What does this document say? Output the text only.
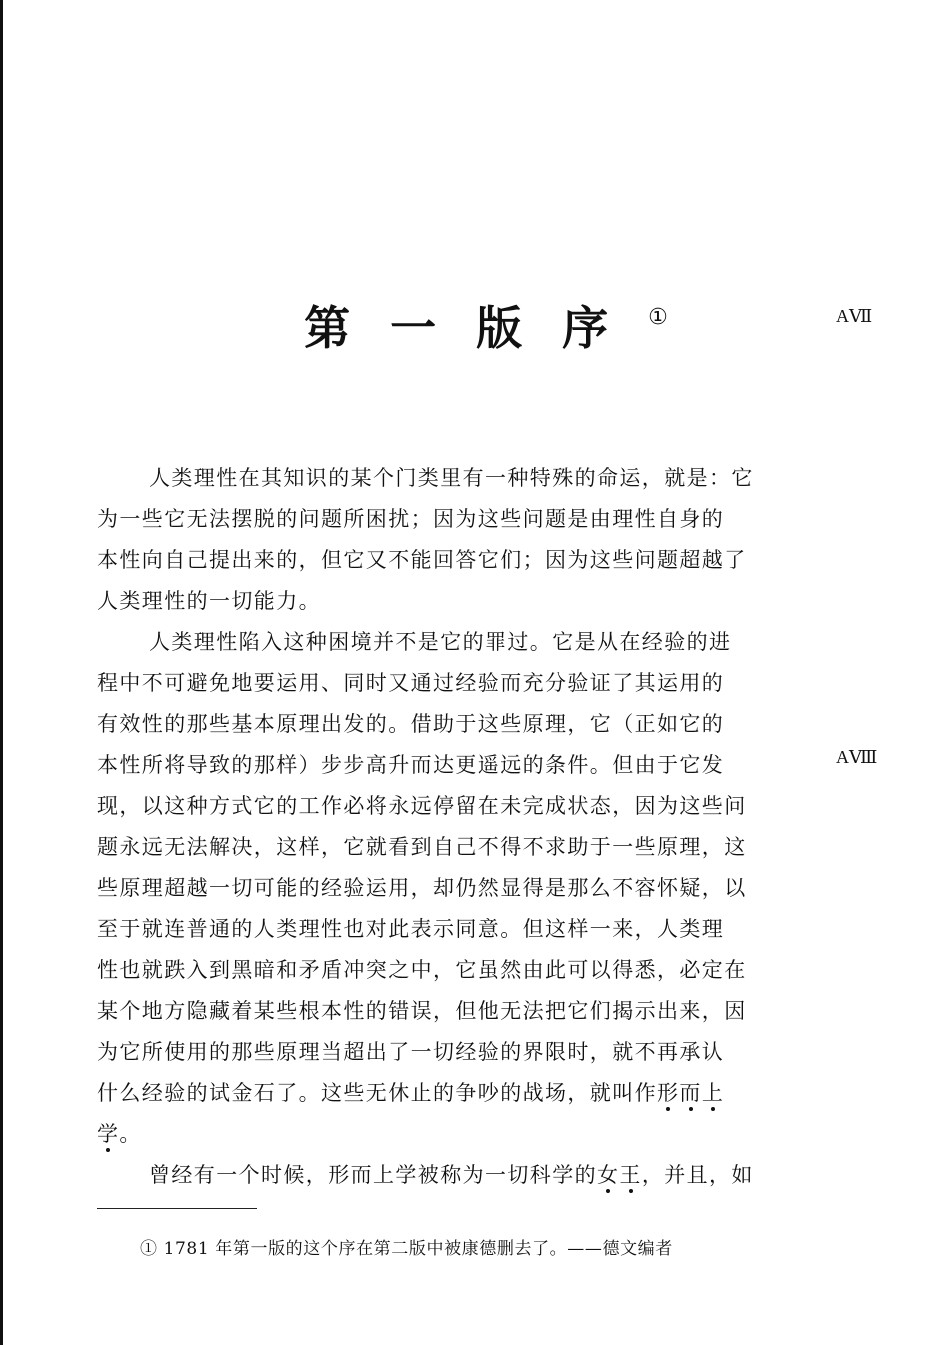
第一版序①	AⅦ
AⅧ
人类理性在其知识的某个门类里有一种特殊的命运，就是：它
为一些它无法摆脱的问题所困扰；因为这些问题是由理性自身的
本性向自己提出来的，但它又不能回答它们；因为这些问题超越了
人类理性的一切能力。
人类理性陷入这种困境并不是它的罪过。它是从在经验的进
程中不可避免地要运用、同时又通过经验而充分验证了其运用的
有效性的那些基本原理出发的。借助于这些原理，它（正如它的
本性所将导致的那样）步步高升而达更遥远的条件。但由于它发
现，以这种方式它的工作必将永远停留在未完成状态，因为这些问
题永远无法解决，这样，它就看到自己不得不求助于一些原理，这
些原理超越一切可能的经验运用，却仍然显得是那么不容怀疑，以
至于就连普通的人类理性也对此表示同意。但这样一来，人类理
性也就跌入到黑暗和矛盾冲突之中，它虽然由此可以得悉，必定在
某个地方隐藏着某些根本性的错误，但他无法把它们揭示出来，因
为它所使用的那些原理当超出了一切经验的界限时，就不再承认
什么经验的试金石了。这些无休止的争吵的战场，就叫作形而上
学。
曾经有一个时候，形而上学被称为一切科学的女王，并且，如
① 1781 年第一版的这个序在第二版中被康德删去了。——德文编者
